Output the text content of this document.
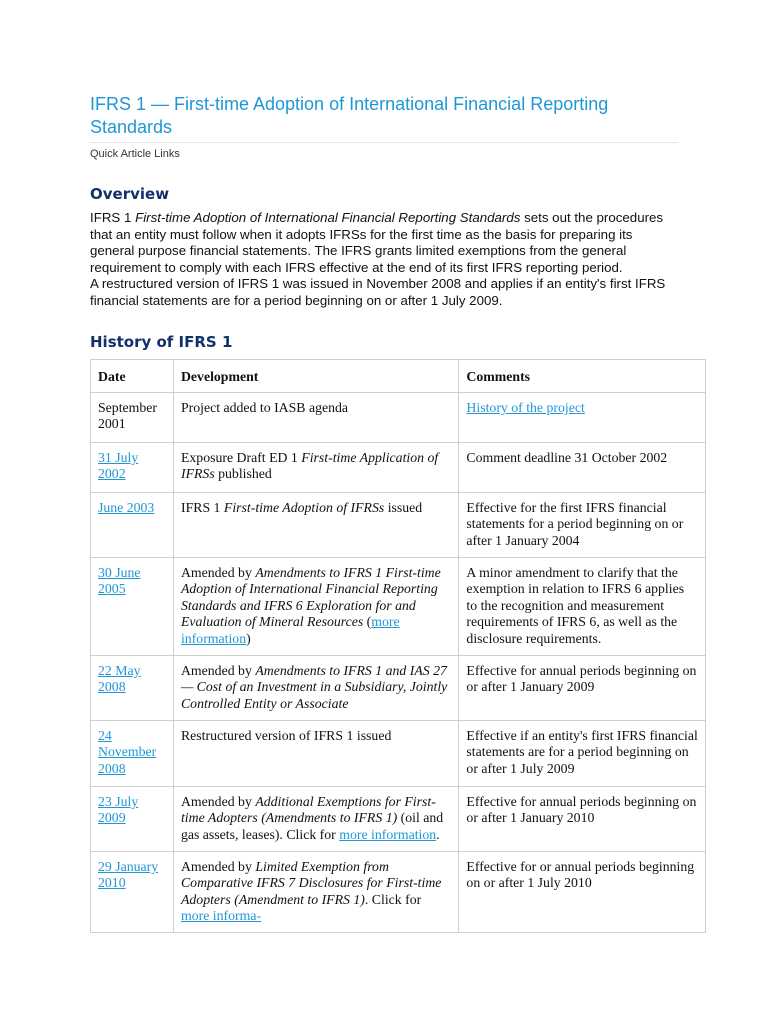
IFRS 1 — First-time Adoption of International Financial Reporting Standards
Quick Article Links
Overview
IFRS 1 First-time Adoption of International Financial Reporting Standards sets out the procedures that an entity must follow when it adopts IFRSs for the first time as the basis for preparing its general purpose financial statements. The IFRS grants limited exemptions from the general requirement to comply with each IFRS effective at the end of its first IFRS reporting period.
A restructured version of IFRS 1 was issued in November 2008 and applies if an entity's first IFRS financial statements are for a period beginning on or after 1 July 2009.
History of IFRS 1
Date	Development	Comments
September 2001	Project added to IASB agenda	History of the project
31 July 2002	Exposure Draft ED 1 First-time Application of IFRSs published	Comment deadline 31 October 2002
June 2003	IFRS 1 First-time Adoption of IFRSs issued	Effective for the first IFRS financial statements for a period beginning on or after 1 January 2004
30 June 2005	Amended by Amendments to IFRS 1 First-time Adoption of International Financial Reporting Standards and IFRS 6 Exploration for and Evaluation of Mineral Resources (more information)	A minor amendment to clarify that the exemption in relation to IFRS 6 applies to the recognition and measurement requirements of IFRS 6, as well as the disclosure requirements.
22 May 2008	Amended by Amendments to IFRS 1 and IAS 27 — Cost of an Investment in a Subsidiary, Jointly Controlled Entity or Associate	Effective for annual periods beginning on or after 1 January 2009
24 November 2008	Restructured version of IFRS 1 issued	Effective if an entity's first IFRS financial statements are for a period beginning on or after 1 July 2009
23 July 2009	Amended by Additional Exemptions for First-time Adopters (Amendments to IFRS 1) (oil and gas assets, leases). Click for more information.	Effective for annual periods beginning on or after 1 January 2010
29 January 2010	Amended by Limited Exemption from Comparative IFRS 7 Disclosures for First-time Adopters (Amendment to IFRS 1). Click for more informa-	Effective for or annual periods beginning on or after 1 July 2010
